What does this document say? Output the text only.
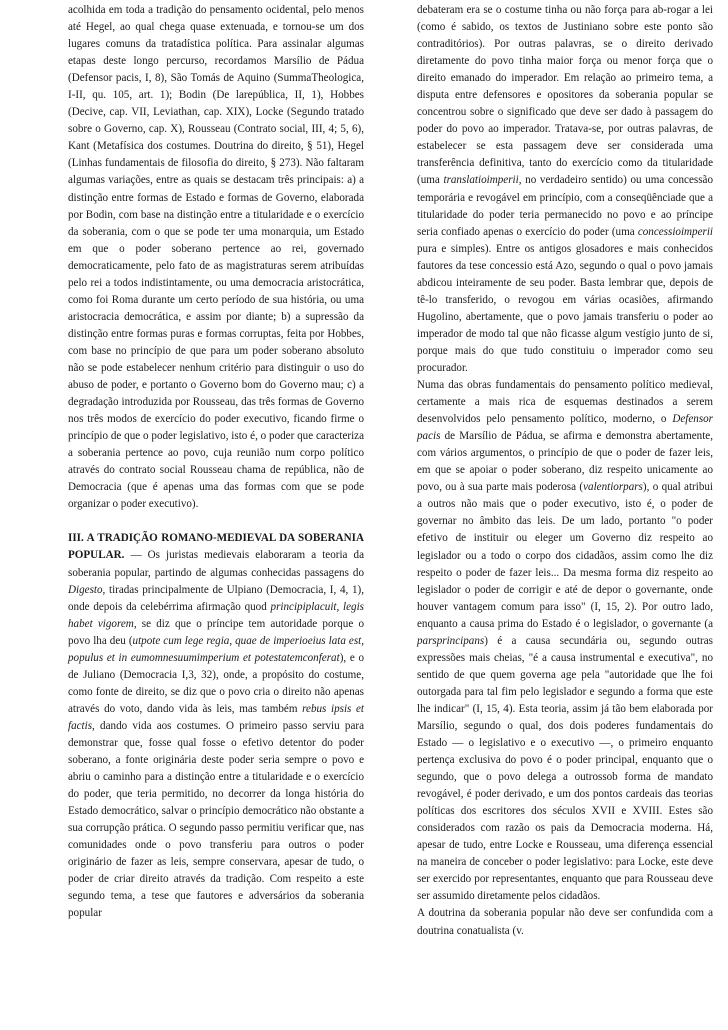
acolhida em toda a tradição do pensamento ocidental, pelo menos até Hegel, ao qual chega quase extenuada, e tornou-se um dos lugares comuns da tratadística política. Para assinalar algumas etapas deste longo percurso, recordamos Marsílio de Pádua (Defensor pacis, I, 8), São Tomás de Aquino (SummaTheologica, I-II, qu. 105, art. 1); Bodin (De larepública, II, 1), Hobbes (Decive, cap. VII, Leviathan, cap. XIX), Locke (Segundo tratado sobre o Governo, cap. X), Rousseau (Contrato social, III, 4; 5, 6), Kant (Metafísica dos costumes. Doutrina do direito, § 51), Hegel (Linhas fundamentais de filosofia do direito, § 273). Não faltaram algumas variações, entre as quais se destacam três principais: a) a distinção entre formas de Estado e formas de Governo, elaborada por Bodin, com base na distinção entre a titularidade e o exercício da soberania, com o que se pode ter uma monarquia, um Estado em que o poder soberano pertence ao rei, governado democraticamente, pelo fato de as magistraturas serem atribuídas pelo rei a todos indistintamente, ou uma democracia aristocrática, como foi Roma durante um certo período de sua história, ou uma aristocracia democrática, e assim por diante; b) a supressão da distinção entre formas puras e formas corruptas, feita por Hobbes, com base no princípio de que para um poder soberano absoluto não se pode estabelecer nenhum critério para distinguir o uso do abuso de poder, e portanto o Governo bom do Governo mau; c) a degradação introduzida por Rousseau, das três formas de Governo nos três modos de exercício do poder executivo, ficando firme o princípio de que o poder legislativo, isto é, o poder que caracteriza a soberania pertence ao povo, cuja reunião num corpo político através do contrato social Rousseau chama de república, não de Democracia (que é apenas uma das formas com que se pode organizar o poder executivo).

III. A TRADIÇÃO ROMANO-MEDIEVAL DA SOBERANIA POPULAR. — Os juristas medievais elaboraram a teoria da soberania popular, partindo de algumas conhecidas passagens do Digesto, tiradas principalmente de Ulpiano (Democracia, I, 4, 1), onde depois da celebérrima afirmação quod principiplacuit, legis habet vigorem, se diz que o príncipe tem autoridade porque o povo lha deu (utpote cum lege regia, quae de imperioeius lata est, populus et in eumomnesuumimperium et potestatemconferat), e o de Juliano (Democracia I,3, 32), onde, a propósito do costume, como fonte de direito, se diz que o povo cria o direito não apenas através do voto, dando vida às leis, mas também rebus ipsis et factis, dando vida aos costumes. O primeiro passo serviu para demonstrar que, fosse qual fosse o efetivo detentor do poder soberano, a fonte originária deste poder seria sempre o povo e abriu o caminho para a distinção entre a titularidade e o exercício do poder, que teria permitido, no decorrer da longa história do Estado democrático, salvar o princípio democrático não obstante a sua corrupção prática. O segundo passo permitiu verificar que, nas comunidades onde o povo transferiu para outros o poder originário de fazer as leis, sempre conservara, apesar de tudo, o poder de criar direito através da tradição. Com respeito a este segundo tema, a tese que fautores e adversários da soberania popular

debateram era se o costume tinha ou não força para ab-rogar a lei (como é sabido, os textos de Justiniano sobre este ponto são contraditórios). Por outras palavras, se o direito derivado diretamente do povo tinha maior força ou menor força que o direito emanado do imperador. Em relação ao primeiro tema, a disputa entre defensores e opositores da soberania popular se concentrou sobre o significado que deve ser dado à passagem do poder do povo ao imperador. Tratava-se, por outras palavras, de estabelecer se esta passagem deve ser considerada uma transferência definitiva, tanto do exercício como da titularidade (uma translatioimperii, no verdadeiro sentido) ou uma concessão temporária e revogável em princípio, com a conseqüênciade que a titularidade do poder teria permanecido no povo e ao príncipe seria confiado apenas o exercício do poder (uma concessioimperii pura e simples). Entre os antigos glosadores e mais conhecidos fautores da tese concessio está Azo, segundo o qual o povo jamais abdicou inteiramente de seu poder. Basta lembrar que, depois de tê-lo transferido, o revogou em várias ocasiões, afirmando Hugolino, abertamente, que o povo jamais transferiu o poder ao imperador de modo tal que não ficasse algum vestígio junto de si, porque mais do que tudo constituiu o imperador como seu procurador.

Numa das obras fundamentais do pensamento político medieval, certamente a mais rica de esquemas destinados a serem desenvolvidos pelo pensamento político, moderno, o Defensor pacis de Marsílio de Pádua, se afirma e demonstra abertamente, com vários argumentos, o princípio de que o poder de fazer leis, em que se apoiar o poder soberano, diz respeito unicamente ao povo, ou à sua parte mais poderosa (valentiorpars), o qual atribui a outros não mais que o poder executivo, isto é, o poder de governar no âmbito das leis. De um lado, portanto "o poder efetivo de instituir ou eleger um Governo diz respeito ao legislador ou a todo o corpo dos cidadãos, assim como lhe diz respeito o poder de fazer leis... Da mesma forma diz respeito ao legislador o poder de corrigir e até de depor o governante, onde houver vantagem comum para isso" (I, 15, 2). Por outro lado, enquanto a causa prima do Estado é o legislador, o governante (a parsprincipans) é a causa secundária ou, segundo outras expressões mais cheias, "é a causa instrumental e executiva", no sentido de que quem governa age pela "autoridade que lhe foi outorgada para tal fim pelo legislador e segundo a forma que este lhe indicar" (I, 15, 4). Esta teoria, assim já tão bem elaborada por Marsílio, segundo o qual, dos dois poderes fundamentais do Estado — o legislativo e o executivo —, o primeiro enquanto pertença exclusiva do povo é o poder principal, enquanto que o segundo, que o povo delega a outrossob forma de mandato revogável, é poder derivado, e um dos pontos cardeais das teorias políticas dos escritores dos séculos XVII e XVIII. Estes são considerados com razão os pais da Democracia moderna. Há, apesar de tudo, entre Locke e Rousseau, uma diferença essencial na maneira de conceber o poder legislativo: para Locke, este deve ser exercido por representantes, enquanto que para Rousseau deve ser assumido diretamente pelos cidadãos.

A doutrina da soberania popular não deve ser confundida com a doutrina conatualista (v.
